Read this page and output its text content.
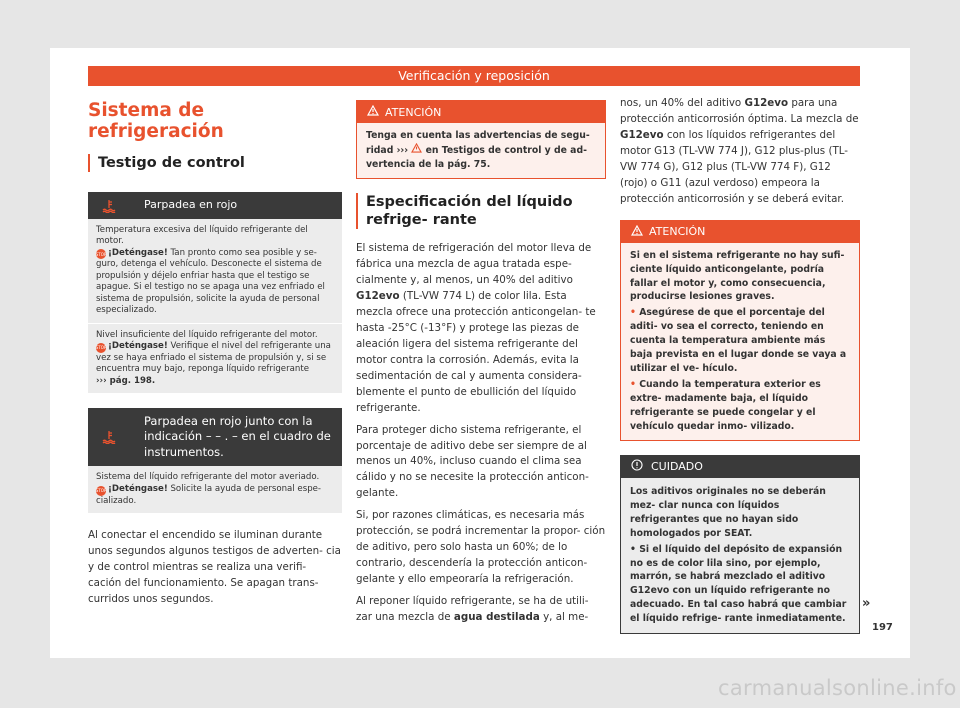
Verificación y reposición
Sistema de refrigeración
Testigo de control
Parpadea en rojo
Temperatura excesiva del líquido refrigerante del motor.
STOP ¡Deténgase! Tan pronto como sea posible y se- guro, detenga el vehículo. Desconecte el sistema de propulsión y déjelo enfriar hasta que el testigo se apague. Si el testigo no se apaga una vez enfriado el sistema de propulsión, solicite la ayuda de personal especializado.
Nivel insuficiente del líquido refrigerante del motor.
STOP ¡Deténgase! Verifique el nivel del refrigerante una vez se haya enfriado el sistema de propulsión y, si se encuentra muy bajo, reponga líquido refrigerante
››› pág. 198.
Parpadea en rojo junto con la indicación – – . – en el cuadro de instrumentos.
Sistema del líquido refrigerante del motor averiado.
STOP ¡Deténgase! Solicite la ayuda de personal espe- cializado.

Al conectar el encendido se iluminan durante unos segundos algunos testigos de adverten- cia y de control mientras se realiza una verifi- cación del funcionamiento. Se apagan trans- curridos unos segundos.

ATENCIÓN
Tenga en cuenta las advertencias de segu- ridad ›››  en Testigos de control y de ad- vertencia de la pág. 75.
Especificación del líquido refrige- rante

El sistema de refrigeración del motor lleva de fábrica una mezcla de agua tratada espe- cialmente y, al menos, un 40% del aditivo G12evo (TL-VW 774 L) de color lila. Esta mezcla ofrece una protección anticongelan- te hasta -25°C (-13°F) y protege las piezas de aleación ligera del sistema refrigerante del motor contra la corrosión. Además, evita la sedimentación de cal y aumenta considera- blemente el punto de ebullición del líquido refrigerante.

Para proteger dicho sistema refrigerante, el porcentaje de aditivo debe ser siempre de al menos un 40%, incluso cuando el clima sea cálido y no se necesite la protección anticon- gelante.

Si, por razones climáticas, es necesaria más protección, se podrá incrementar la propor- ción de aditivo, pero solo hasta un 60%; de lo contrario, descendería la protección anticon- gelante y ello empeoraría la refrigeración.

Al reponer líquido refrigerante, se ha de utili- zar una mezcla de agua destilada y, al me-

nos, un 40% del aditivo G12evo para una protección anticorrosión óptima. La mezcla de G12evo con los líquidos refrigerantes del motor G13 (TL-VW 774 J), G12 plus-plus (TL- VW 774 G), G12 plus (TL-VW 774 F), G12 (rojo) o G11 (azul verdoso) empeora la protección anticorrosión y se deberá evitar.

ATENCIÓN
Si en el sistema refrigerante no hay sufi- ciente líquido anticongelante, podría fallar el motor y, como consecuencia, producirse lesiones graves.
• Asegúrese de que el porcentaje del aditi- vo sea el correcto, teniendo en cuenta la temperatura ambiente más baja prevista en el lugar donde se vaya a utilizar el ve- hículo.
• Cuando la temperatura exterior es extre- madamente baja, el líquido refrigerante se puede congelar y el vehículo quedar inmo- vilizado.
CUIDADO
Los aditivos originales no se deberán mez- clar nunca con líquidos refrigerantes que no hayan sido homologados por SEAT.
• Si el líquido del depósito de expansión no es de color lila sino, por ejemplo, marrón, se habrá mezclado el aditivo G12evo con un líquido refrigerante no adecuado. En tal caso habrá que cambiar el líquido refrige- rante inmediatamente.
»
197
carmanualsonline.info
